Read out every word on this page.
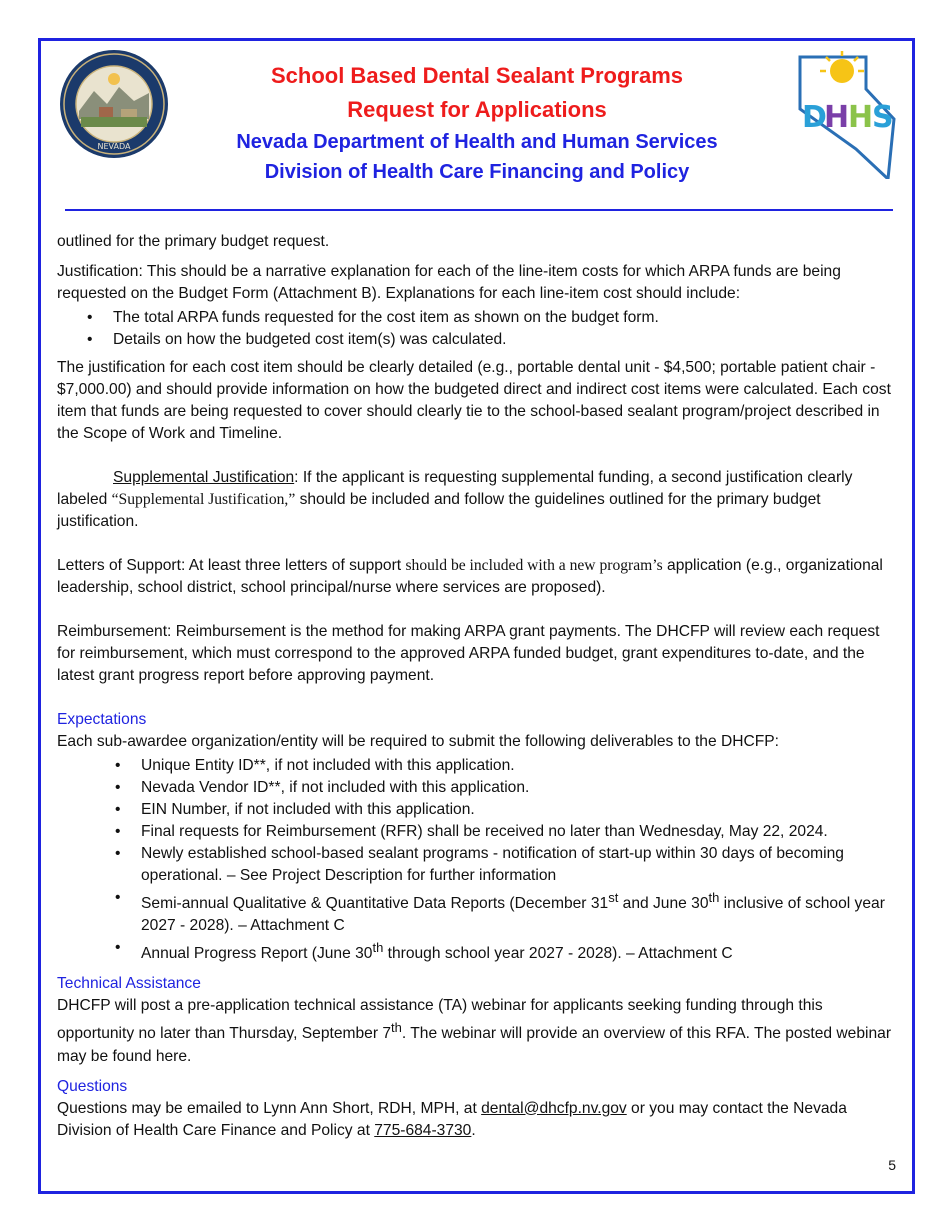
NEVADA
School Based Dental Sealant Programs
Request for Applications
Nevada Department of Health and Human Services
Division of Health Care Financing and Policy
D
H
H
S

outlined for the primary budget request.

Justification: This should be a narrative explanation for each of the line-item costs for which ARPA funds are being requested on the Budget Form (Attachment B). Explanations for each line-item cost should include:

• The total ARPA funds requested for the cost item as shown on the budget form.
• Details on how the budgeted cost item(s) was calculated.

The justification for each cost item should be clearly detailed (e.g., portable dental unit - $4,500; portable patient chair - $7,000.00) and should provide information on how the budgeted direct and indirect cost items were calculated. Each cost item that funds are being requested to cover should clearly tie to the school-based sealant program/project described in the Scope of Work and Timeline.

Supplemental Justification: If the applicant is requesting supplemental funding, a second justification clearly labeled “Supplemental Justification,” should be included and follow the guidelines outlined for the primary budget justification.

Letters of Support: At least three letters of support should be included with a new program’s application (e.g., organizational leadership, school district, school principal/nurse where services are proposed).

Reimbursement: Reimbursement is the method for making ARPA grant payments. The DHCFP will review each request for reimbursement, which must correspond to the approved ARPA funded budget, grant expenditures to-date, and the latest grant progress report before approving payment.

Expectations

Each sub-awardee organization/entity will be required to submit the following deliverables to the DHCFP:

• Unique Entity ID**, if not included with this application.
• Nevada Vendor ID**, if not included with this application.
• EIN Number, if not included with this application.
• Final requests for Reimbursement (RFR) shall be received no later than Wednesday, May 22, 2024.
• Newly established school-based sealant programs - notification of start-up within 30 days of becoming operational. – See Project Description for further information
• Semi-annual Qualitative & Quantitative Data Reports (December 31st and June 30th inclusive of school year 2027 - 2028). – Attachment C
• Annual Progress Report (June 30th through school year 2027 - 2028). – Attachment C

Technical Assistance

DHCFP will post a pre-application technical assistance (TA) webinar for applicants seeking funding through this opportunity no later than Thursday, September 7th. The webinar will provide an overview of this RFA. The posted webinar may be found here.

Questions

Questions may be emailed to Lynn Ann Short, RDH, MPH, at dental@dhcfp.nv.gov or you may contact the Nevada Division of Health Care Finance and Policy at 775-684-3730.

5
